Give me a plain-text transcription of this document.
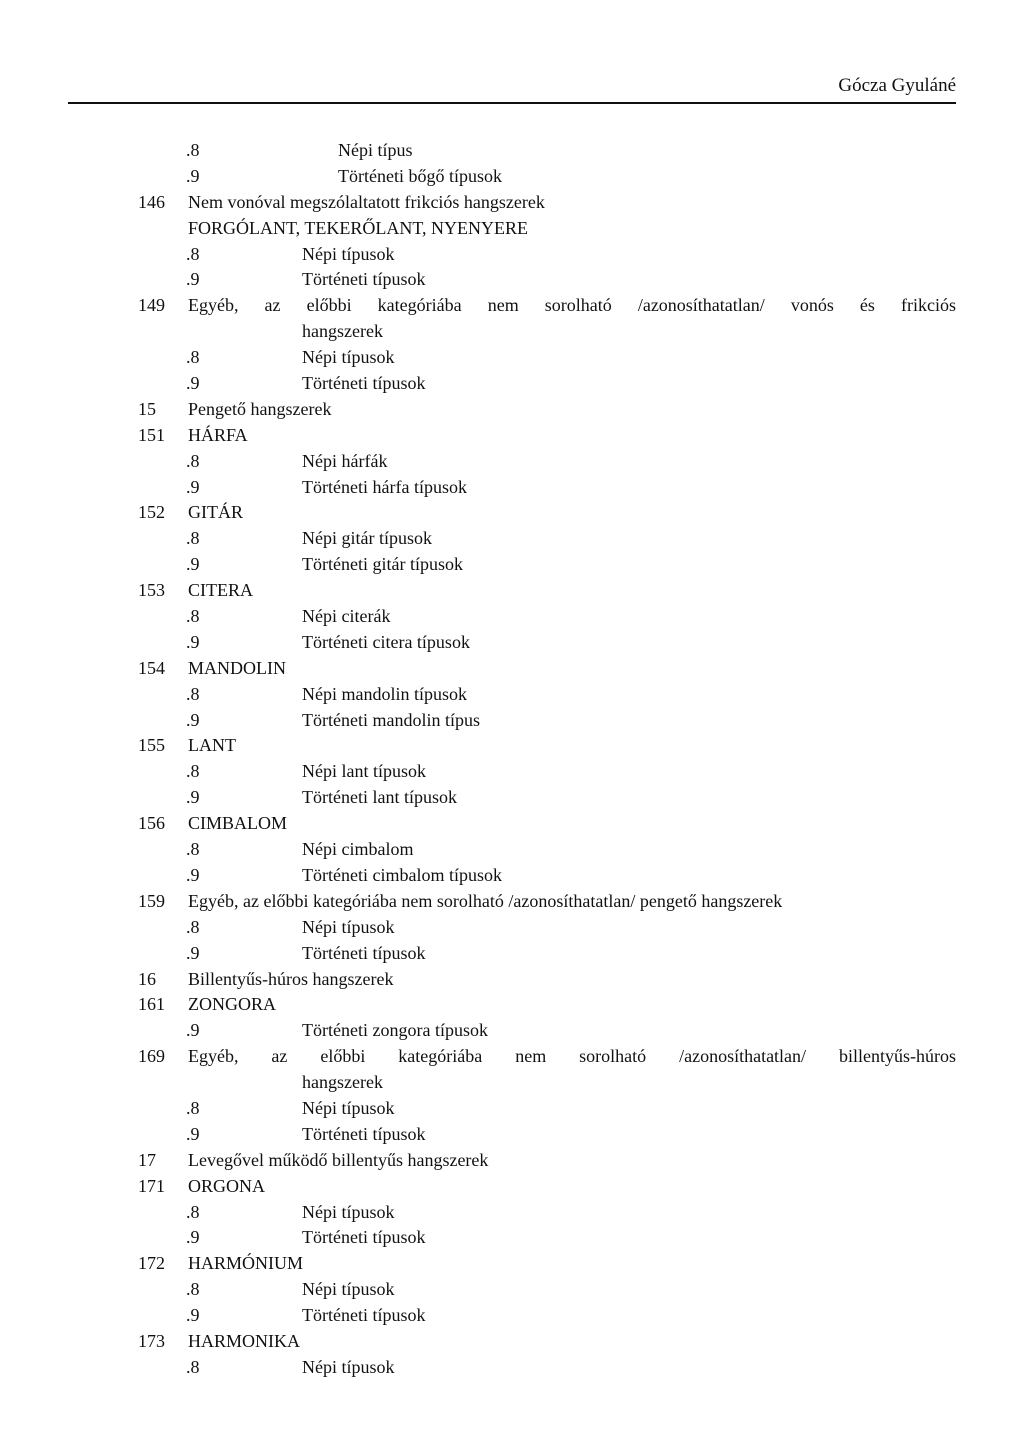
Gócza Gyuláné
.8	Népi típus
.9	Történeti bőgő típusok
146	Nem vonóval megszólaltatott frikciós hangszerek
FORGÓLANT, TEKERŐLANT, NYENYERE
.8	Népi típusok
.9	Történeti típusok
149	Egyéb, az előbbi kategóriába nem sorolható /azonosíthatatlan/ vonós és frikciós
hangszerek
.8	Népi típusok
.9	Történeti típusok
15	Pengető hangszerek
151	HÁRFA
.8	Népi hárfák
.9	Történeti hárfa típusok
152	GITÁR
.8	Népi gitár típusok
.9	Történeti gitár típusok
153	CITERA
.8	Népi citerák
.9	Történeti citera típusok
154	MANDOLIN
.8	Népi mandolin típusok
.9	Történeti mandolin típus
155	LANT
.8	Népi lant típusok
.9	Történeti lant típusok
156	CIMBALOM
.8	Népi cimbalom
.9	Történeti cimbalom típusok
159	Egyéb, az előbbi kategóriába nem sorolható /azonosíthatatlan/ pengető hangszerek
.8	Népi típusok
.9	Történeti típusok
16	Billentyűs-húros hangszerek
161	ZONGORA
.9	Történeti zongora típusok
169	Egyéb, az előbbi kategóriába nem sorolható /azonosíthatatlan/ billentyűs-húros
hangszerek
.8	Népi típusok
.9	Történeti típusok
17	Levegővel működő billentyűs hangszerek
171	ORGONA
.8	Népi típusok
.9	Történeti típusok
172	HARMÓNIUM
.8	Népi típusok
.9	Történeti típusok
173	HARMONIKA
.8	Népi típusok
